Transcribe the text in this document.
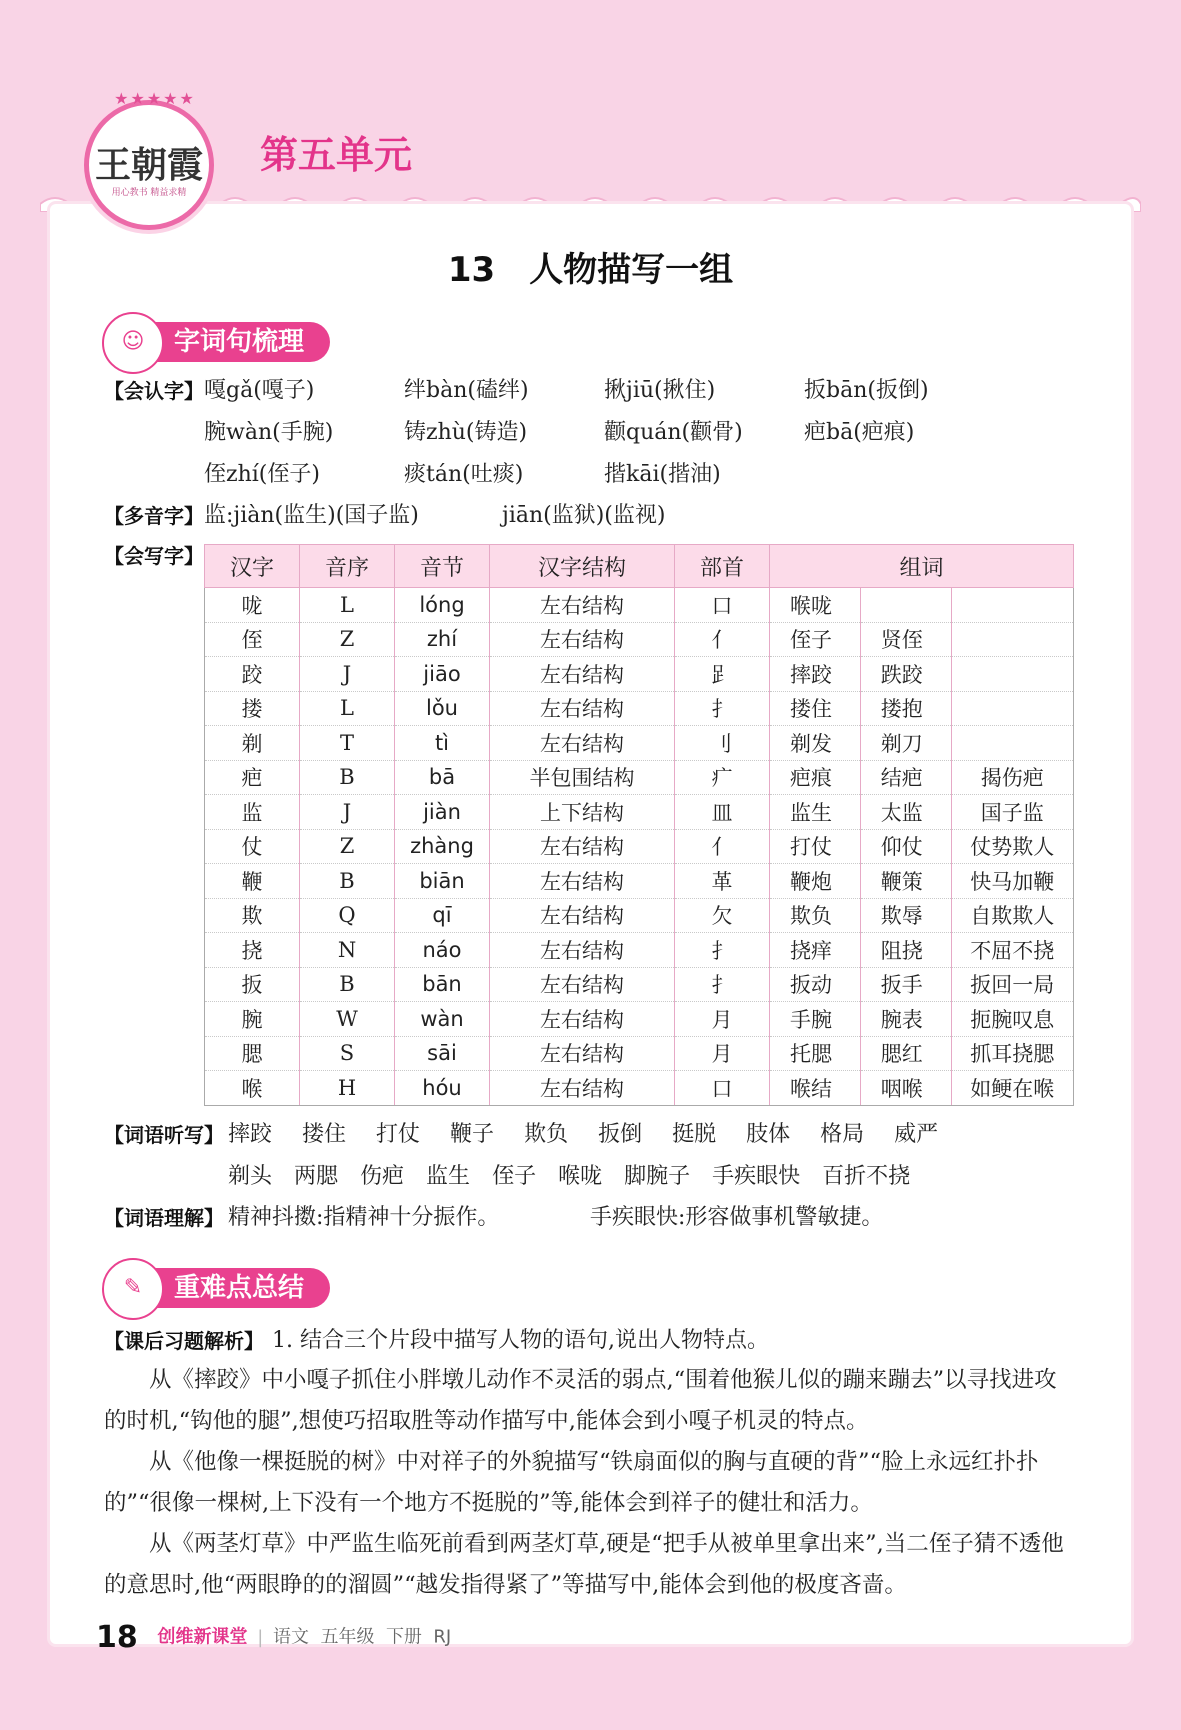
★★★★★
王朝霞
用心教书 精益求精
第五单元
13　人物描写一组
☺	字词句梳理
【会认字】 嘎gǎ(嘎子)	绊bàn(磕绊)	揪jiū(揪住)	扳bān(扳倒)
腕wàn(手腕)	铸zhù(铸造)	颧quán(颧骨)	疤bā(疤痕)
侄zhí(侄子)	痰tán(吐痰)	揩kāi(揩油)
【多音字】 监:jiàn(监生)(国子监)	jiān(监狱)(监视)
【会写字】 汉字	音序	音节	汉字结构	部首	组词		
咙	L	lóng	左右结构	口	喉咙		
侄	Z	zhí	左右结构	亻	侄子	贤侄	
跤	J	jiāo	左右结构	𧾷	摔跤	跌跤	
搂	L	lǒu	左右结构	扌	搂住	搂抱	
剃	T	tì	左右结构	刂	剃发	剃刀	
疤	B	bā	半包围结构	疒	疤痕	结疤	揭伤疤
监	J	jiàn	上下结构	皿	监生	太监	国子监
仗	Z	zhàng	左右结构	亻	打仗	仰仗	仗势欺人
鞭	B	biān	左右结构	革	鞭炮	鞭策	快马加鞭
欺	Q	qī	左右结构	欠	欺负	欺辱	自欺欺人
挠	N	náo	左右结构	扌	挠痒	阻挠	不屈不挠
扳	B	bān	左右结构	扌	扳动	扳手	扳回一局
腕	W	wàn	左右结构	月	手腕	腕表	扼腕叹息
腮	S	sāi	左右结构	月	托腮	腮红	抓耳挠腮
喉	H	hóu	左右结构	口	喉结	咽喉	如鲠在喉
【词语听写】 摔跤 搂住 打仗 鞭子 欺负 扳倒 挺脱 肢体 格局 威严
剃头 两腮 伤疤 监生 侄子 喉咙 脚腕子 手疾眼快 百折不挠
【词语理解】 精神抖擞:指精神十分振作。	手疾眼快:形容做事机警敏捷。
✎	重难点总结
【课后习题解析】 1. 结合三个片段中描写人物的语句,说出人物特点。

从《摔跤》中小嘎子抓住小胖墩儿动作不灵活的弱点,“围着他猴儿似的蹦来蹦去”以寻找进攻的时机,“钩他的腿”,想使巧招取胜等动作描写中,能体会到小嘎子机灵的特点。

从《他像一棵挺脱的树》中对祥子的外貌描写“铁扇面似的胸与直硬的背”“脸上永远红扑扑的”“很像一棵树,上下没有一个地方不挺脱的”等,能体会到祥子的健壮和活力。

从《两茎灯草》中严监生临死前看到两茎灯草,硬是“把手从被单里拿出来”,当二侄子猜不透他的意思时,他“两眼睁的的溜圆”“越发指得紧了”等描写中,能体会到他的极度吝啬。

18 创维新课堂 | 语文 五年级 下册 RJ
